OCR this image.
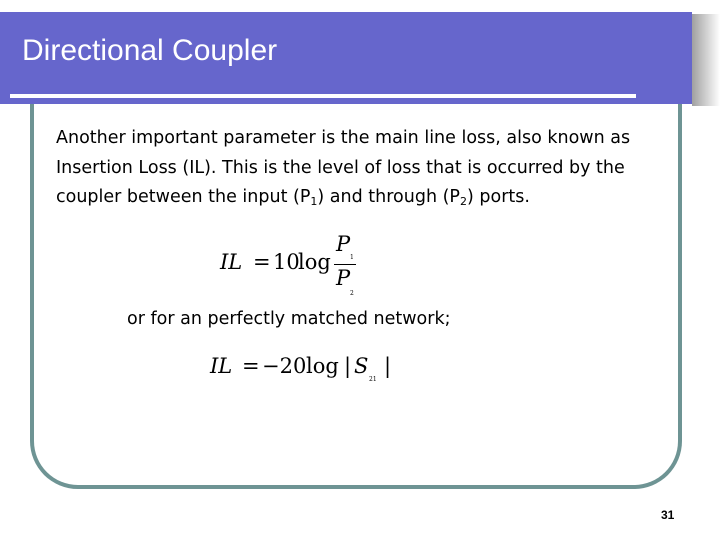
Directional Coupler

Another important parameter is the main line loss, also known as Insertion Loss (IL). This is the level of loss that is occurred by the coupler between the input $(P_1)$ and through $(P_2)$ ports.

IL = 10
log
P
1
P
2

or for an perfectly matched network;

IL = −20 log | S
21
|

31
